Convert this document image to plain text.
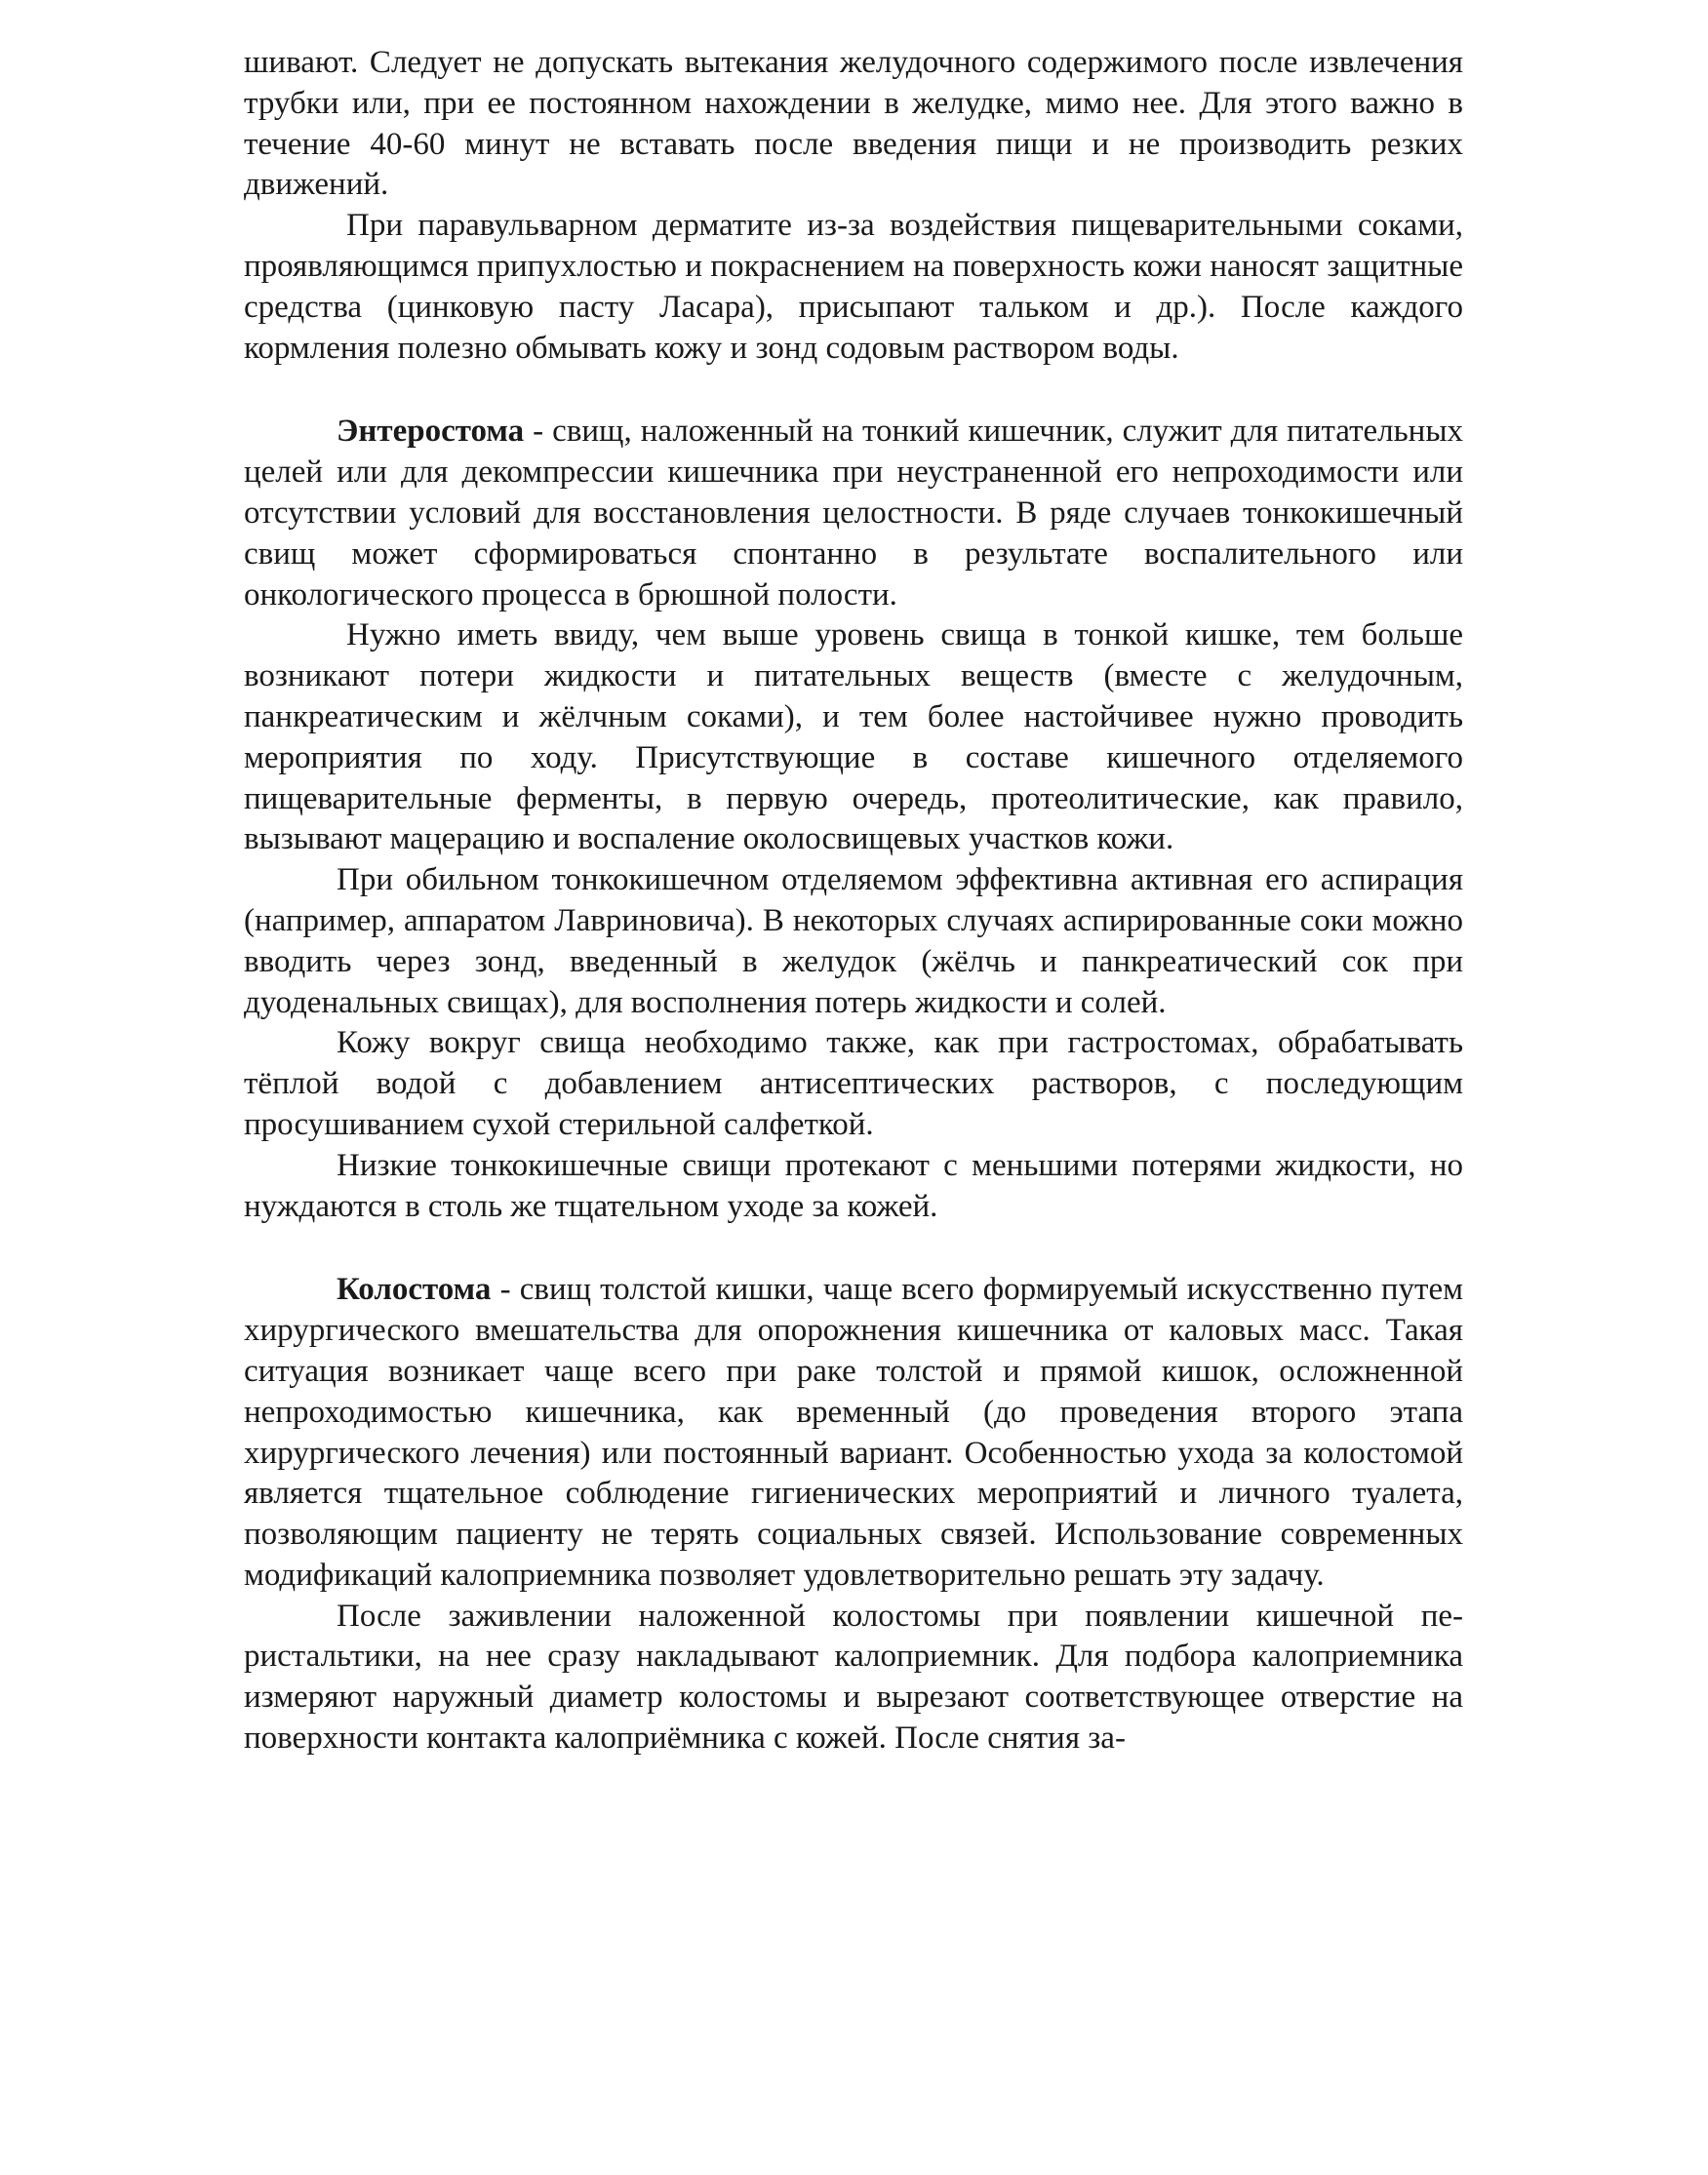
шивают. Следует не допускать вытекания желудочного содержимого после извлечения трубки или, при ее постоянном нахождении в желудке, мимо нее. Для этого важно в течение 40-60 минут не вставать после введения пищи и не производить резких движений.

При паравульварном дерматите из-за воздействия пищеварительными соками, проявляющимся припухлостью и покраснением на поверхность кожи наносят защитные средства (цинковую пасту Ласара), присыпают тальком и др.). После каждого кормления полезно обмывать кожу и зонд содовым раствором воды.

Энтеростома - свищ, наложенный на тонкий кишечник, служит для питательных целей или для декомпрессии кишечника при неустраненной его непроходимости или отсутствии условий для восстановления целостности. В ряде случаев тонкокишечный свищ может сформироваться спонтанно в результате воспалительного или онкологического процесса в брюшной полости.

Нужно иметь ввиду, чем выше уровень свища в тонкой кишке, тем больше возникают потери жидкости и питательных веществ (вместе с желудочным, панкреатическим и жёлчным соками), и тем более настойчивее нужно проводить мероприятия по ходу. Присутствующие в составе кишечного отделяемого пищеварительные ферменты, в первую очередь, протеолитические, как правило, вызывают мацерацию и воспаление околосвищевых участков кожи.

При обильном тонкокишечном отделяемом эффективна активная его аспирация (например, аппаратом Лавриновича). В некоторых случаях аспирированные соки можно вводить через зонд, введенный в желудок (жёлчь и панкреатический сок при дуоденальных свищах), для восполнения потерь жидкости и солей.

Кожу вокруг свища необходимо также, как при гастростомах, обрабатывать тёплой водой с добавлением антисептических растворов, с последующим просушиванием сухой стерильной салфеткой.

Низкие тонкокишечные свищи протекают с меньшими потерями жидкости, но нуждаются в столь же тщательном уходе за кожей.

Колостома - свищ толстой кишки, чаще всего формируемый искусственно путем хирургического вмешательства для опорожнения кишечника от каловых масс. Такая ситуация возникает чаще всего при раке толстой и прямой кишок, осложненной непроходимостью кишечника, как временный (до проведения второго этапа хирургического лечения) или постоянный вариант. Особенностью ухода за колостомой является тщательное соблюдение гигиенических мероприятий и личного туалета, позволяющим пациенту не терять социальных связей. Использование современных модификаций калоприемника позволяет удовлетворительно решать эту задачу.

После заживлении наложенной колостомы при появлении кишечной перистальтики, на нее сразу накладывают калоприемник. Для подбора калоприемника измеряют наружный диаметр колостомы и вырезают соответствующее отверстие на поверхности контакта калоприёмника с кожей. После снятия за-
